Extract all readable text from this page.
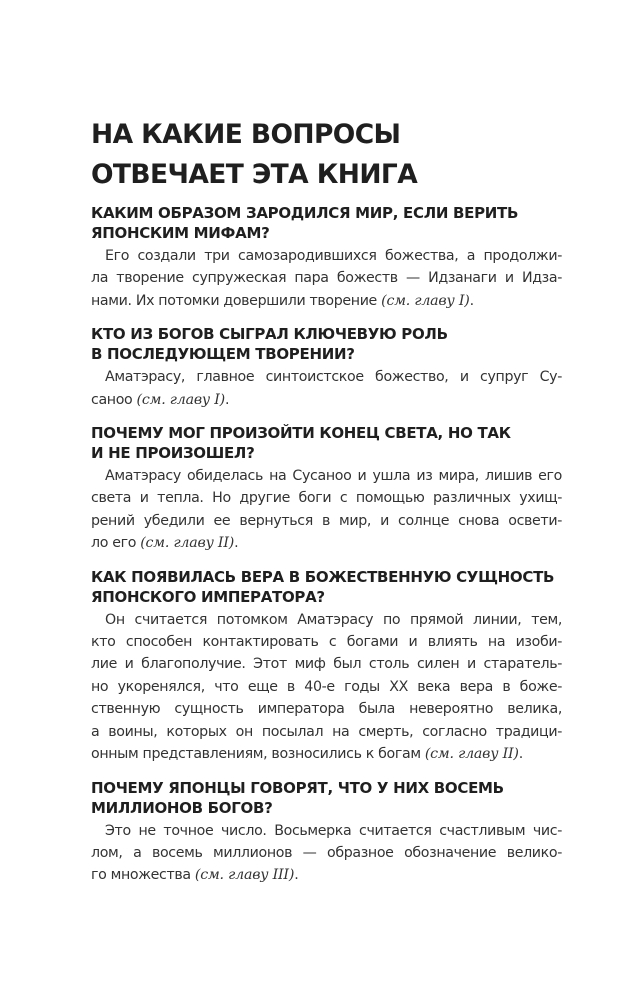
НА КАКИЕ ВОПРОСЫ
ОТВЕЧАЕТ ЭТА КНИГА
КАКИМ ОБРАЗОМ ЗАРОДИЛСЯ МИР, ЕСЛИ ВЕРИТЬ
ЯПОНСКИМ МИФАМ?

Его создали три самозародившихся божества, а продолжи-
ла творение супружеская пара божеств — Идзанаги и Идза-
нами. Их потомки довершили творение (см. главу I).

КТО ИЗ БОГОВ СЫГРАЛ КЛЮЧЕВУЮ РОЛЬ
В ПОСЛЕДУЮЩЕМ ТВОРЕНИИ?

Аматэрасу, главное синтоистское божество, и супруг Су-
саноо (см. главу I).

ПОЧЕМУ МОГ ПРОИЗОЙТИ КОНЕЦ СВЕТА, НО ТАК
И НЕ ПРОИЗОШЕЛ?

Аматэрасу обиделась на Сусаноо и ушла из мира, лишив его
света и тепла. Но другие боги с помощью различных ухищ-
рений убедили ее вернуться в мир, и солнце снова освети-
ло его (см. главу II).

КАК ПОЯВИЛАСЬ ВЕРА В БОЖЕСТВЕННУЮ СУЩНОСТЬ
ЯПОНСКОГО ИМПЕРАТОРА?

Он считается потомком Аматэрасу по прямой линии, тем,
кто способен контактировать с богами и влиять на изоби-
лие и благополучие. Этот миф был столь силен и старатель-
но укоренялся, что еще в 40-е годы XX века вера в боже-
ственную сущность императора была невероятно велика,
а воины, которых он посылал на смерть, согласно традици-
онным представлениям, возносились к богам (см. главу II).

ПОЧЕМУ ЯПОНЦЫ ГОВОРЯТ, ЧТО У НИХ ВОСЕМЬ
МИЛЛИОНОВ БОГОВ?

Это не точное число. Восьмерка считается счастливым чис-
лом, а восемь миллионов — образное обозначение велико-
го множества (см. главу III).
